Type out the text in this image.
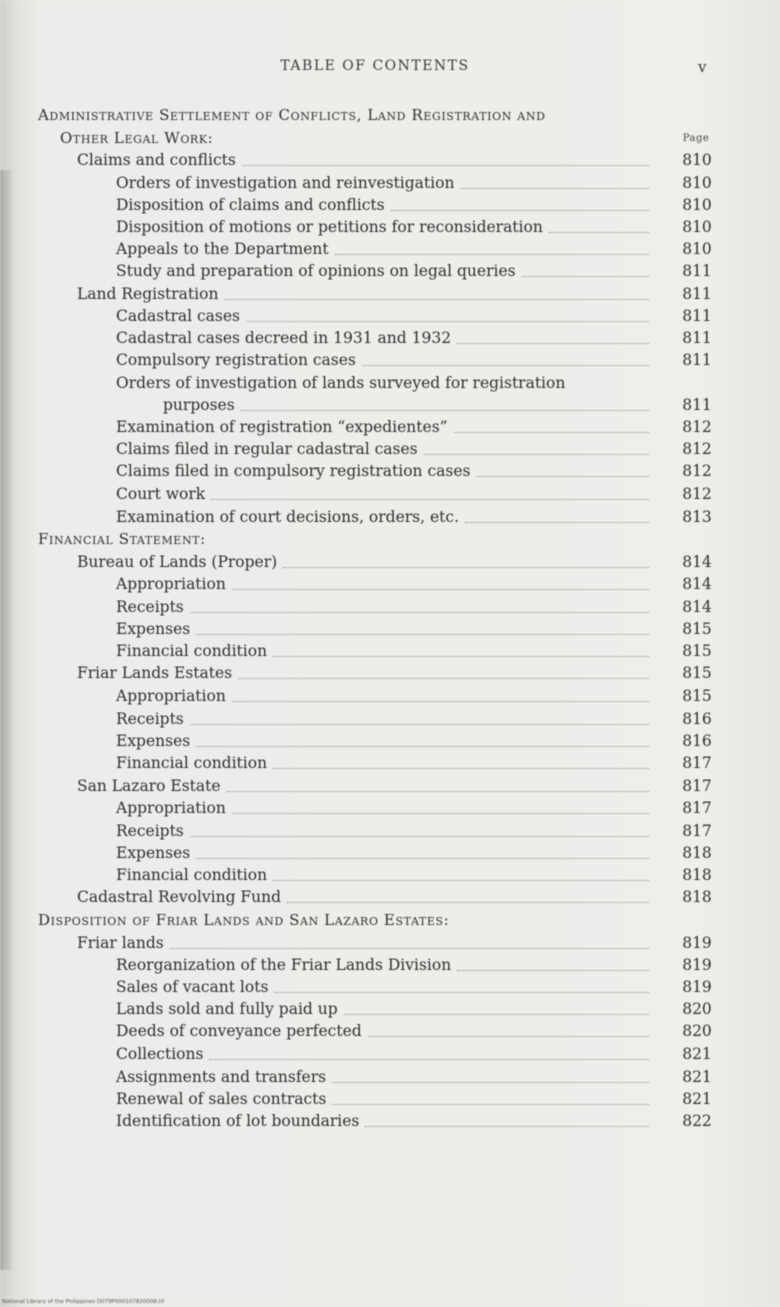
TABLE OF CONTENTS	v
Page
Administrative Settlement of Conflicts, Land Registration and
Other Legal Work:
Claims and conflicts	810
Orders of investigation and reinvestigation	810
Disposition of claims and conflicts	810
Disposition of motions or petitions for reconsideration	810
Appeals to the Department	810
Study and preparation of opinions on legal queries	811
Land Registration	811
Cadastral cases	811
Cadastral cases decreed in 1931 and 1932	811
Compulsory registration cases	811
Orders of investigation of lands surveyed for registration
purposes	811
Examination of registration “expedientes”	812
Claims filed in regular cadastral cases	812
Claims filed in compulsory registration cases	812
Court work	812
Examination of court decisions, orders, etc.	813
Financial Statement:
Bureau of Lands (Proper)	814
Appropriation	814
Receipts	814
Expenses	815
Financial condition	815
Friar Lands Estates	815
Appropriation	815
Receipts	816
Expenses	816
Financial condition	817
San Lazaro Estate	817
Appropriation	817
Receipts	817
Expenses	818
Financial condition	818
Cadastral Revolving Fund	818
Disposition of Friar Lands and San Lazaro Estates:
Friar lands	819
Reorganization of the Friar Lands Division	819
Sales of vacant lots	819
Lands sold and fully paid up	820
Deeds of conveyance perfected	820
Collections	821
Assignments and transfers	821
Renewal of sales contracts	821
Identification of lot boundaries	822
National Library of the Philippines D079P000107820008.tif
